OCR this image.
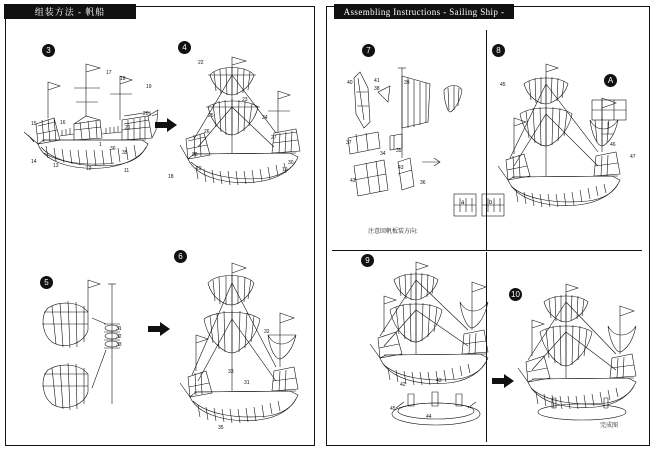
组装方法 - 帆船
3	4
5
6
17
18
19
20
16
15
21
1
36
35
14
13	12	11
22
23
24
25
26
27
28
29
30
19
18
31
32
33
32
31
33
35
Assembling Instructions - Sailing Ship -
7	8
9
10
A
40	41
38
39
37
34 35
36
42
43
注意回帆板装方向:
a	b
45
46
47
42
43
44
45
完成图
